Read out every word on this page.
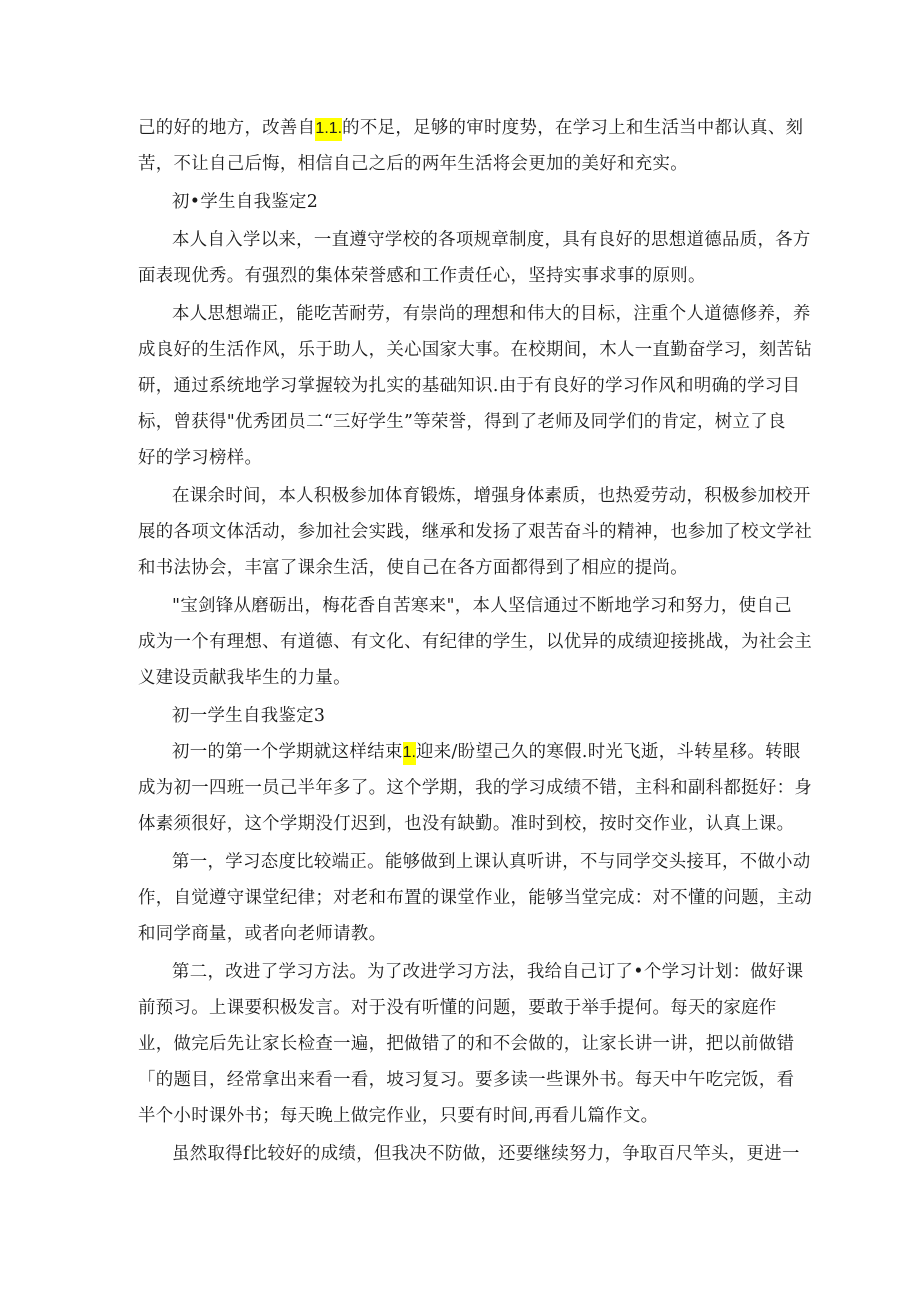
己的好的地方，改善自1.1.的不足，足够的审时度势，在学习上和生活当中都认真、刻
苦，不让自己后悔，相信自己之后的两年生活将会更加的美好和充实。
初•学生自我鉴定2
本人自入学以来，一直遵守学校的各项规章制度，具有良好的思想道德品质，各方
面表现优秀。有强烈的集体荣誉感和工作责任心，坚持实事求事的原则。
本人思想端正，能吃苦耐劳，有崇尚的理想和伟大的目标，注重个人道德修养，养
成良好的生活作风，乐于助人，关心国家大事。在校期间，木人一直勤奋学习，刻苦钻
研，通过系统地学习掌握较为扎实的基础知识.由于有良好的学习作风和明确的学习目
标，曾获得"优秀团员二“三好学生”等荣誉，得到了老师及同学们的肯定，树立了良
好的学习榜样。
在课余时间，本人积极参加体育锻炼，增强身体素质，也热爱劳动，积极参加校开
展的各项文体活动，参加社会实践，继承和发扬了艰苦奋斗的精神，也参加了校文学社
和书法协会，丰富了课余生活，使自己在各方面都得到了相应的提尚。
"宝剑锋从磨砺出，梅花香自苦寒来"，本人坚信通过不断地学习和努力，使自己
成为一个有理想、有道德、有文化、有纪律的学生，以优异的成绩迎接挑战，为社会主
义建设贡献我毕生的力量。
初一学生自我鉴定3
初一的第一个学期就这样结束1.迎来/盼望己久的寒假.时光飞逝，斗转星移。转眼
成为初一四班一员己半年多了。这个学期，我的学习成绩不错，主科和副科都挺好：身
体素须很好，这个学期没仃迟到，也没有缺勤。准时到校，按时交作业，认真上课。
第一，学习态度比较端正。能够做到上课认真听讲，不与同学交头接耳，不做小动
作，自觉遵守课堂纪律；对老和布置的课堂作业，能够当堂完成：对不懂的问题，主动
和同学商量，或者向老师请教。
第二，改进了学习方法。为了改进学习方法，我给自己订了•个学习计划：做好课
前预习。上课要积极发言。对于没有听懂的问题，要敢于举手提何。每天的家庭作
业，做完后先让家长检查一遍，把做错了的和不会做的，让家长讲一讲，把以前做错
「的题目，经常拿出来看一看，坡习复习。要多读一些课外书。每天中午吃完饭，看
半个小时课外书；每天晚上做完作业，只要有时间,再看儿篇作文。
虽然取得f比较好的成绩，但我决不防做，还要继续努力，争取百尺竿头，更进一
